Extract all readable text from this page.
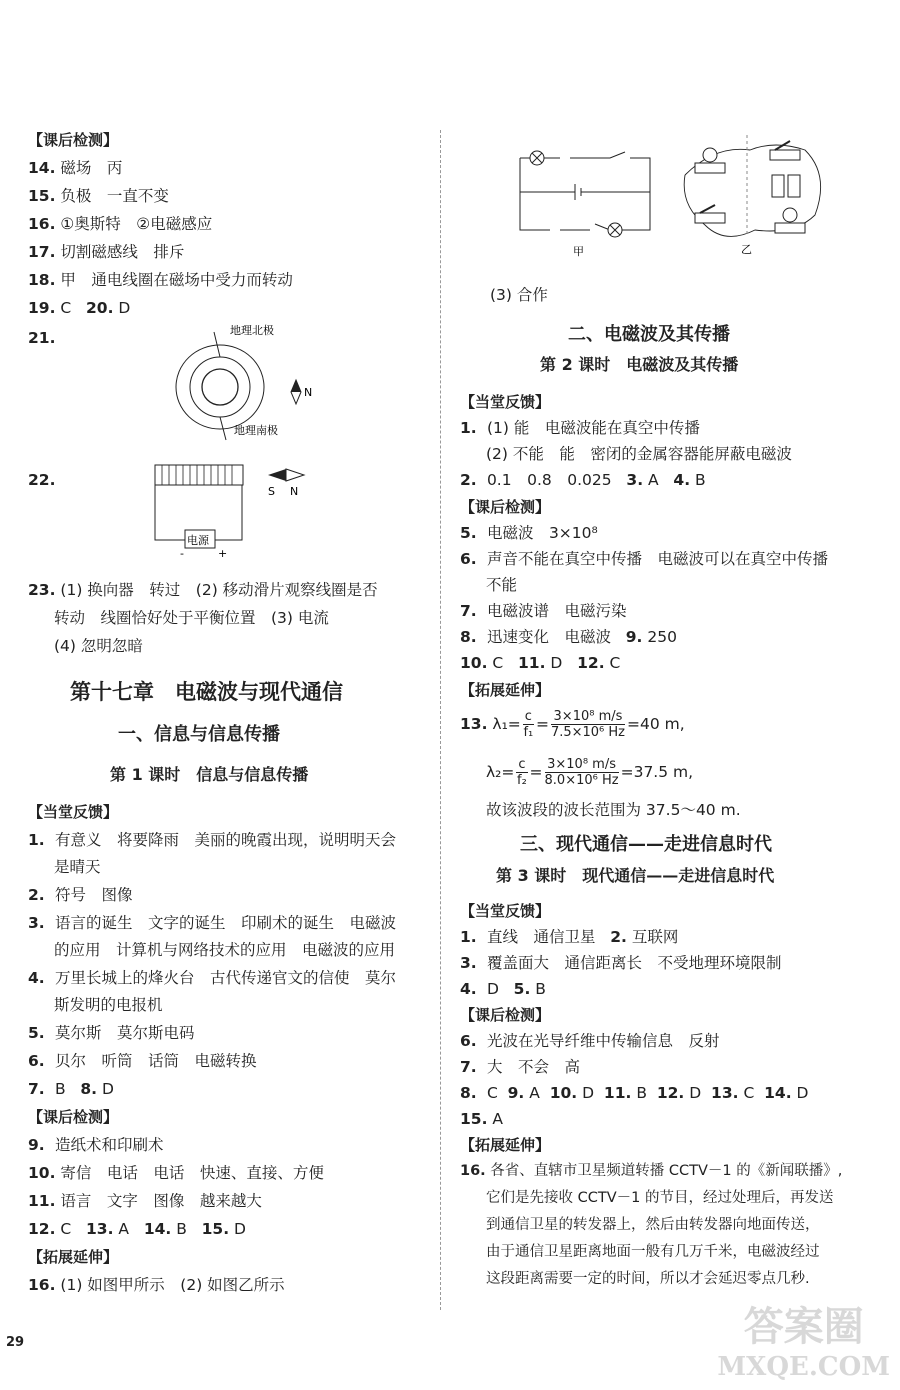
【课后检测】
14. 磁场　丙
15. 负极　一直不变
16. ①奥斯特　②电磁感应
17. 切割磁感线　排斥
18. 甲　通电线圈在磁场中受力而转动
19. C 20. D
21.	地理北极
地理南极
N
22.
电源
-	+
S N
23. (1) 换向器　转过　(2) 移动滑片观察线圈是否
转动　线圈恰好处于平衡位置　(3) 电流
(4) 忽明忽暗
第十七章　电磁波与现代通信
一、信息与信息传播
第 1 课时　信息与信息传播
【当堂反馈】
1. 有意义　将要降雨　美丽的晚霞出现，说明明天会
是晴天
2. 符号　图像
3. 语言的诞生　文字的诞生　印刷术的诞生　电磁波
的应用　计算机与网络技术的应用　电磁波的应用
4. 万里长城上的烽火台　古代传递官文的信使　莫尔
斯发明的电报机
5. 莫尔斯　莫尔斯电码
6. 贝尔　听筒　话筒　电磁转换
7. B 8. D
【课后检测】
9. 造纸术和印刷术
10. 寄信　电话　电话　快速、直接、方便
11. 语言　文字　图像　越来越大
12. C 13. A 14. B 15. D
【拓展延伸】
16. (1) 如图甲所示　(2) 如图乙所示
甲	乙
(3) 合作
二、电磁波及其传播
第 2 课时　电磁波及其传播
【当堂反馈】
1. (1) 能　电磁波能在真空中传播
(2) 不能　能　密闭的金属容器能屏蔽电磁波
2. 0.1　0.8　0.025 3. A 4. B
【课后检测】
5. 电磁波　3×10⁸
6. 声音不能在真空中传播　电磁波可以在真空中传播
不能
7. 电磁波谱　电磁污染
8. 迅速变化　电磁波 9. 250
10. C 11. D 12. C
【拓展延伸】
13. $\lambda_1= \frac{c}{\text{f₁}} = \frac{\text{3×10⁸ m/s}}{\text{7.5×10⁶ Hz}} =40$ m,
$\lambda_2= \frac{c}{\text{f₂}} = \frac{\text{3×10⁸ m/s}}{\text{8.0×10⁶ Hz}} =37.5$ m,
故该波段的波长范围为 37.5～40 m.
三、现代通信——走进信息时代
第 3 课时　现代通信——走进信息时代
【当堂反馈】
1. 直线　通信卫星 2. 互联网
3. 覆盖面大　通信距离长　不受地理环境限制
4. D 5. B
【课后检测】
6. 光波在光导纤维中传输信息　反射
7. 大　不会　高
8. C 9. A 10. D 11. B 12. D 13. C 14. D
15. A
【拓展延伸】
16. 各省、直辖市卫星频道转播 CCTV－1 的《新闻联播》,
它们是先接收 CCTV－1 的节目，经过处理后，再发送
到通信卫星的转发器上，然后由转发器向地面传送，
由于通信卫星距离地面一般有几万千米，电磁波经过
这段距离需要一定的时间，所以才会延迟零点几秒.
29	答案圈
MXQE.COM
